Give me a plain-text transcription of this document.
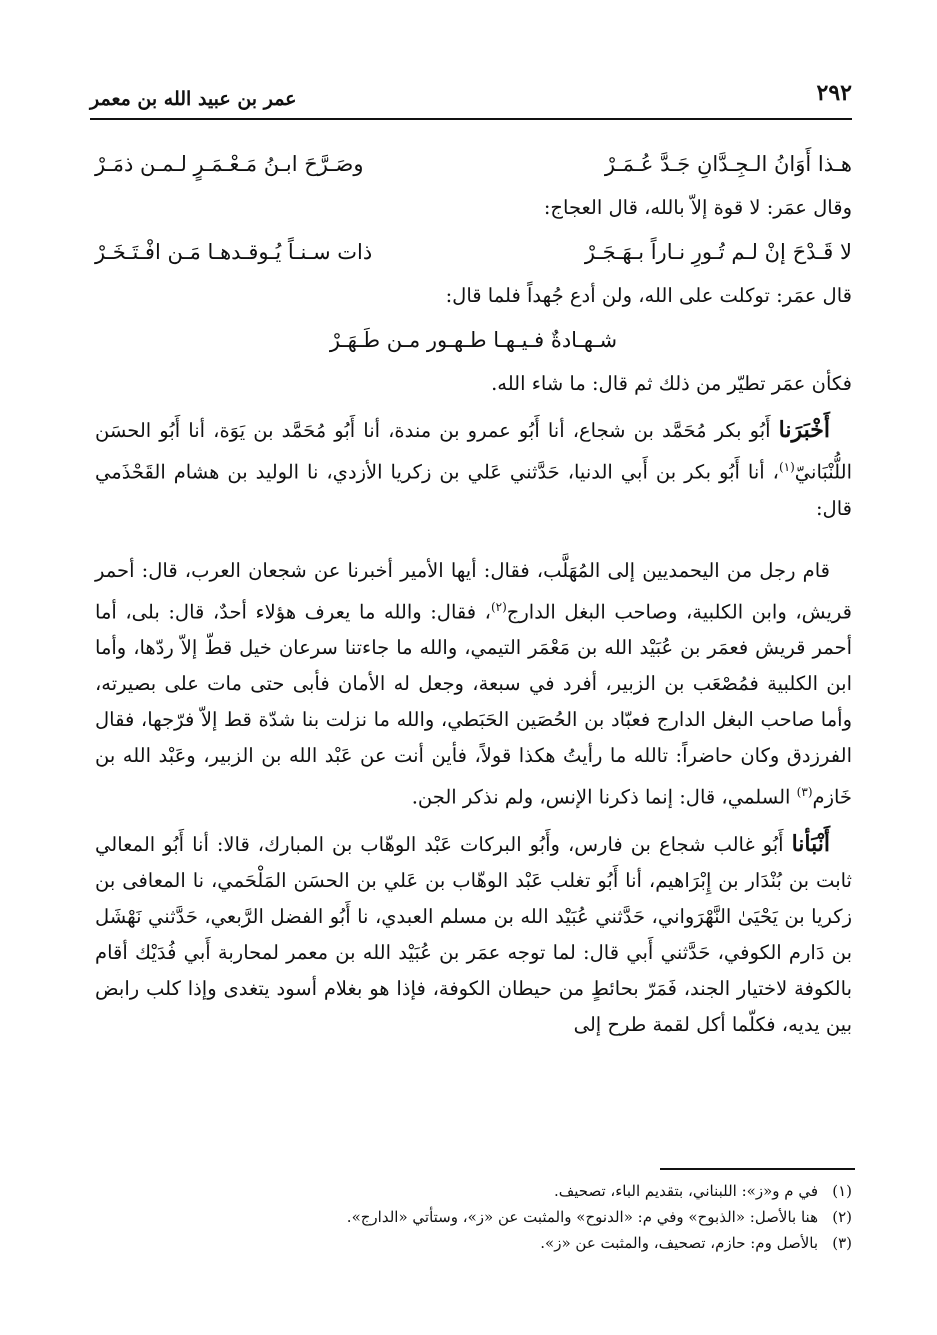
٢٩٢
عمر بن عبيد الله بن معمر
هـذا أَوَانُ الـجِـدَّانِ جَـدَّ عُـمَـرْ
وصَـرَّحَ ابـنُ مَـعْـمَـرٍ لـمـن ذمَـرْ

وقال عمَر: لا قوة إلاّ بالله، قال العجاج:

لا قَـدْحَ إنْ لـم تُـورِ نـاراً بـهَـجَـرْ
ذات سـنـاً يُـوقـدهـا مَـن افْـتَـخَـرْ

قال عمَر: توكلت على الله، ولن أدع جُهداً فلما قال:

شـهـادةٌ فـيـهـا طـهـور مـن طَـهَـرْ

فكأن عمَر تطيّر من ذلك ثم قال: ما شاء الله.

أَخْبَرَنا أَبُو بكر مُحَمَّد بن شجاع، أنا أَبُو عمرو بن مندة، أنا أَبُو مُحَمَّد بن يَوَة، أنا أَبُو الحسَن اللُّنْبَانيّ$^{(١)}$، أنا أَبُو بكر بن أَبي الدنيا، حَدَّثني عَلي بن زكريا الأزدي، نا الوليد بن هشام القَحْذَمي قال:

قام رجل من اليحمديين إلى المُهَلَّب، فقال: أيها الأمير أخبرنا عن شجعان العرب، قال: أحمر قريش، وابن الكلبية، وصاحب البغل الدارج$^{(٢)}$، فقال: والله ما يعرف هؤلاء أحدٌ، قال: بلى، أما أحمر قريش فعمَر بن عُبَيْد الله بن مَعْمَر التيمي، والله ما جاءتنا سرعان خيل قطّ إلاّ ردّها، وأما ابن الكلبية فمُصْعَب بن الزبير، أفرد في سبعة، وجعل له الأمان فأبى حتى مات على بصيرته، وأما صاحب البغل الدارج فعبّاد بن الحُصَين الحَبَطي، والله ما نزلت بنا شدّة قط إلاّ فرّجها، فقال الفرزدق وكان حاضراً: تالله ما رأيتُ هكذا قولاً، فأين أنت عن عَبْد الله بن الزبير، وعَبْد الله بن خَازم$^{(٣)}$ السلمي، قال: إنما ذكرنا الإنس، ولم نذكر الجن.

أَنْبَأنا أَبُو غالب شجاع بن فارس، وأَبُو البركات عَبْد الوهّاب بن المبارك، قالا: أنا أَبُو المعالي ثابت بن بُنْدَار بن إِبْرَاهيم، أنا أَبُو تغلب عَبْد الوهّاب بن عَلي بن الحسَن المَلْحَمي، نا المعافى بن زكريا بن يَحْيَىٰ النَّهْرَواني، حَدَّثني عُبَيْد الله بن مسلم العبدي، نا أَبُو الفضل الرَّبعي، حَدَّثني نَهْشَل بن دَارم الكوفي، حَدَّثني أَبي قال: لما توجه عمَر بن عُبَيْد الله بن معمر لمحاربة أَبي فُدَيْك أقام بالكوفة لاختيار الجند، فَمَرّ بحائطٍ من حيطان الكوفة، فإذا هو بغلام أسود يتغدى وإذا كلب رابض بين يديه، فكلّما أكل لقمة طرح إلى

(١)في م و«ز»: اللبناني، بتقديم الباء، تصحيف.

(٢)هنا بالأصل: «الذبوح» وفي م: «الدنوح» والمثبت عن «ز»، وستأتي «الدارج».

(٣)بالأصل وم: حازم، تصحيف، والمثبت عن «ز».
